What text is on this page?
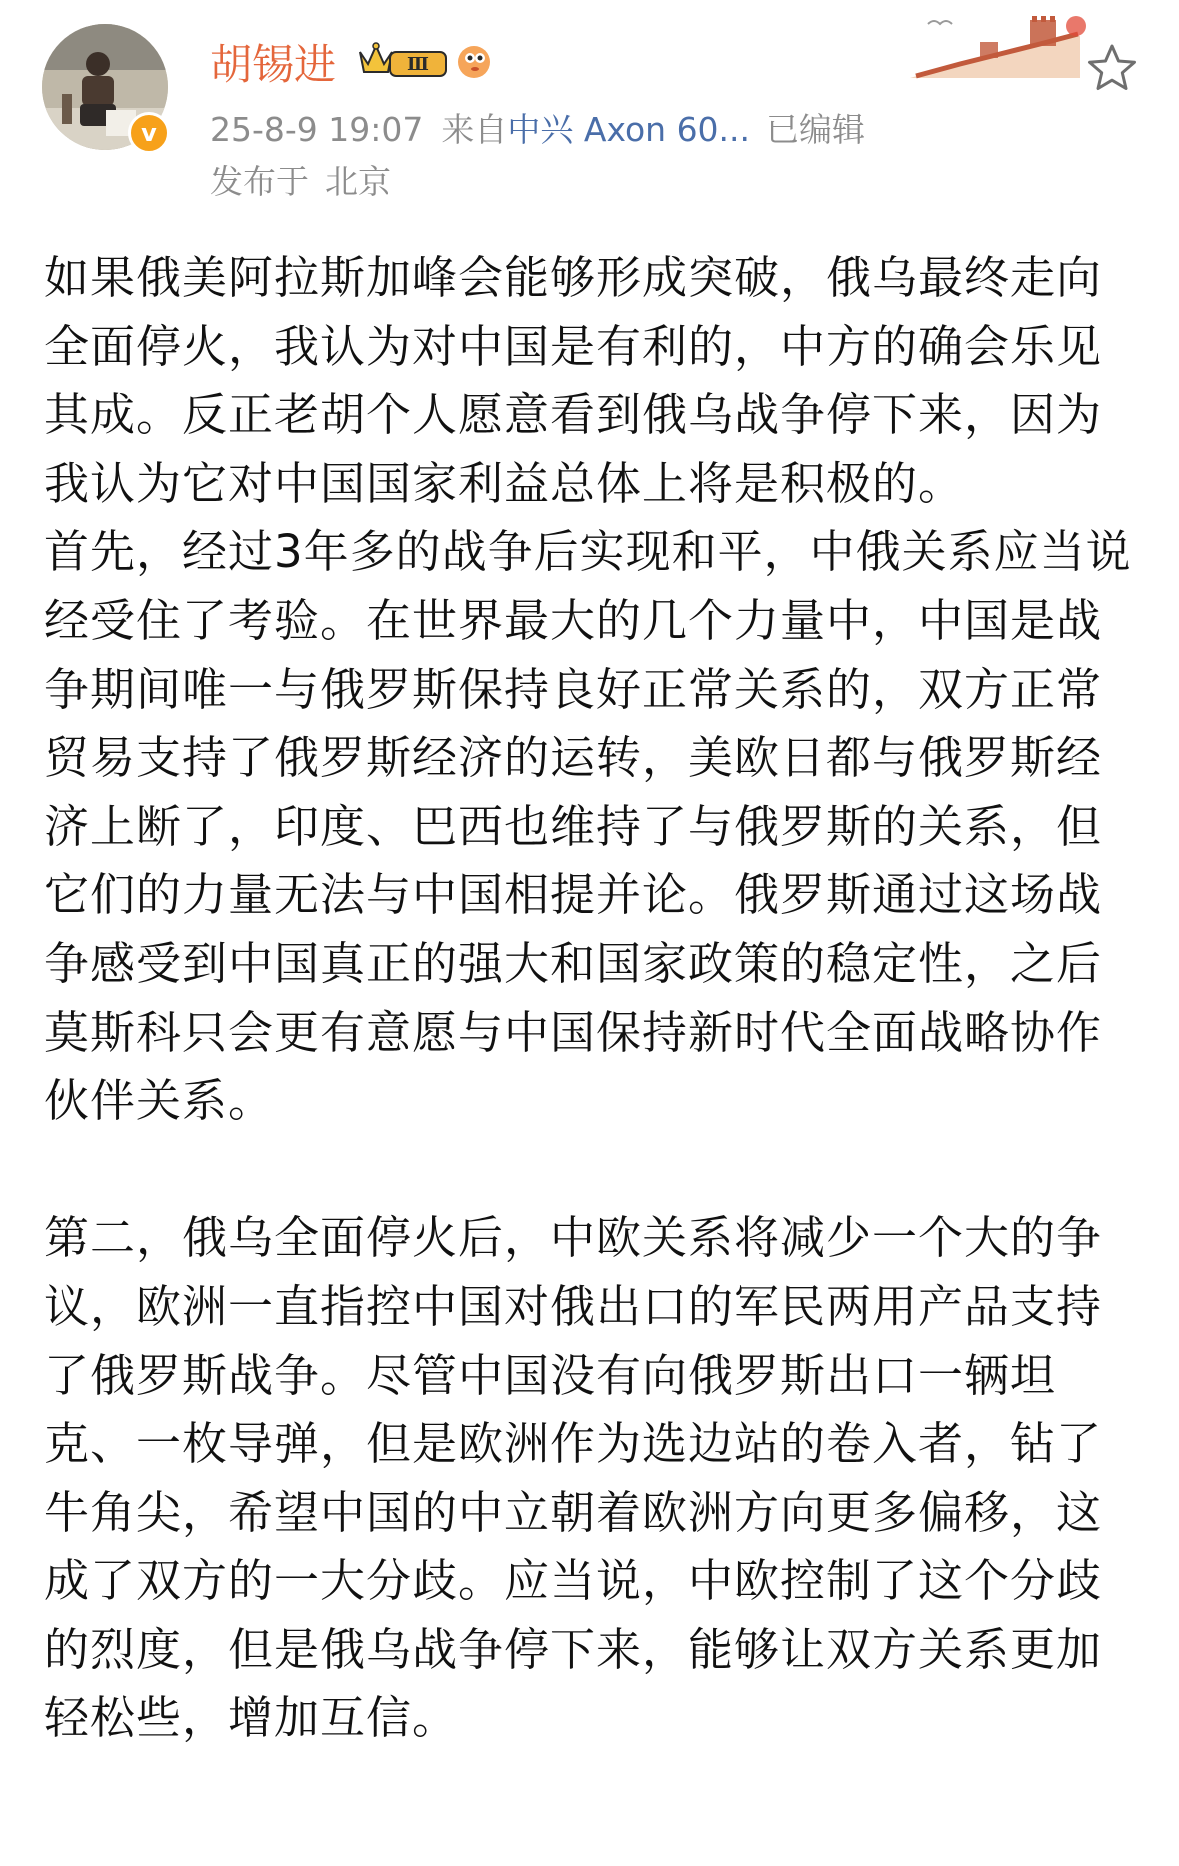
v
胡锡进	Ⅲ
25-8-9 19:07 来自中兴 Axon 60... 已编辑
发布于 北京

如果俄美阿拉斯加峰会能够形成突破，俄乌最终走向全面停火，我认为对中国是有利的，中方的确会乐见其成。反正老胡个人愿意看到俄乌战争停下来，因为我认为它对中国国家利益总体上将是积极的。

首先，经过3年多的战争后实现和平，中俄关系应当说经受住了考验。在世界最大的几个力量中，中国是战争期间唯一与俄罗斯保持良好正常关系的，双方正常贸易支持了俄罗斯经济的运转，美欧日都与俄罗斯经济上断了，印度、巴西也维持了与俄罗斯的关系，但它们的力量无法与中国相提并论。俄罗斯通过这场战争感受到中国真正的强大和国家政策的稳定性，之后莫斯科只会更有意愿与中国保持新时代全面战略协作伙伴关系。

第二，俄乌全面停火后，中欧关系将减少一个大的争议，欧洲一直指控中国对俄出口的军民两用产品支持了俄罗斯战争。尽管中国没有向俄罗斯出口一辆坦克、一枚导弹，但是欧洲作为选边站的卷入者，钻了牛角尖，希望中国的中立朝着欧洲方向更多偏移，这成了双方的一大分歧。应当说，中欧控制了这个分歧的烈度，但是俄乌战争停下来，能够让双方关系更加轻松些，增加互信。
